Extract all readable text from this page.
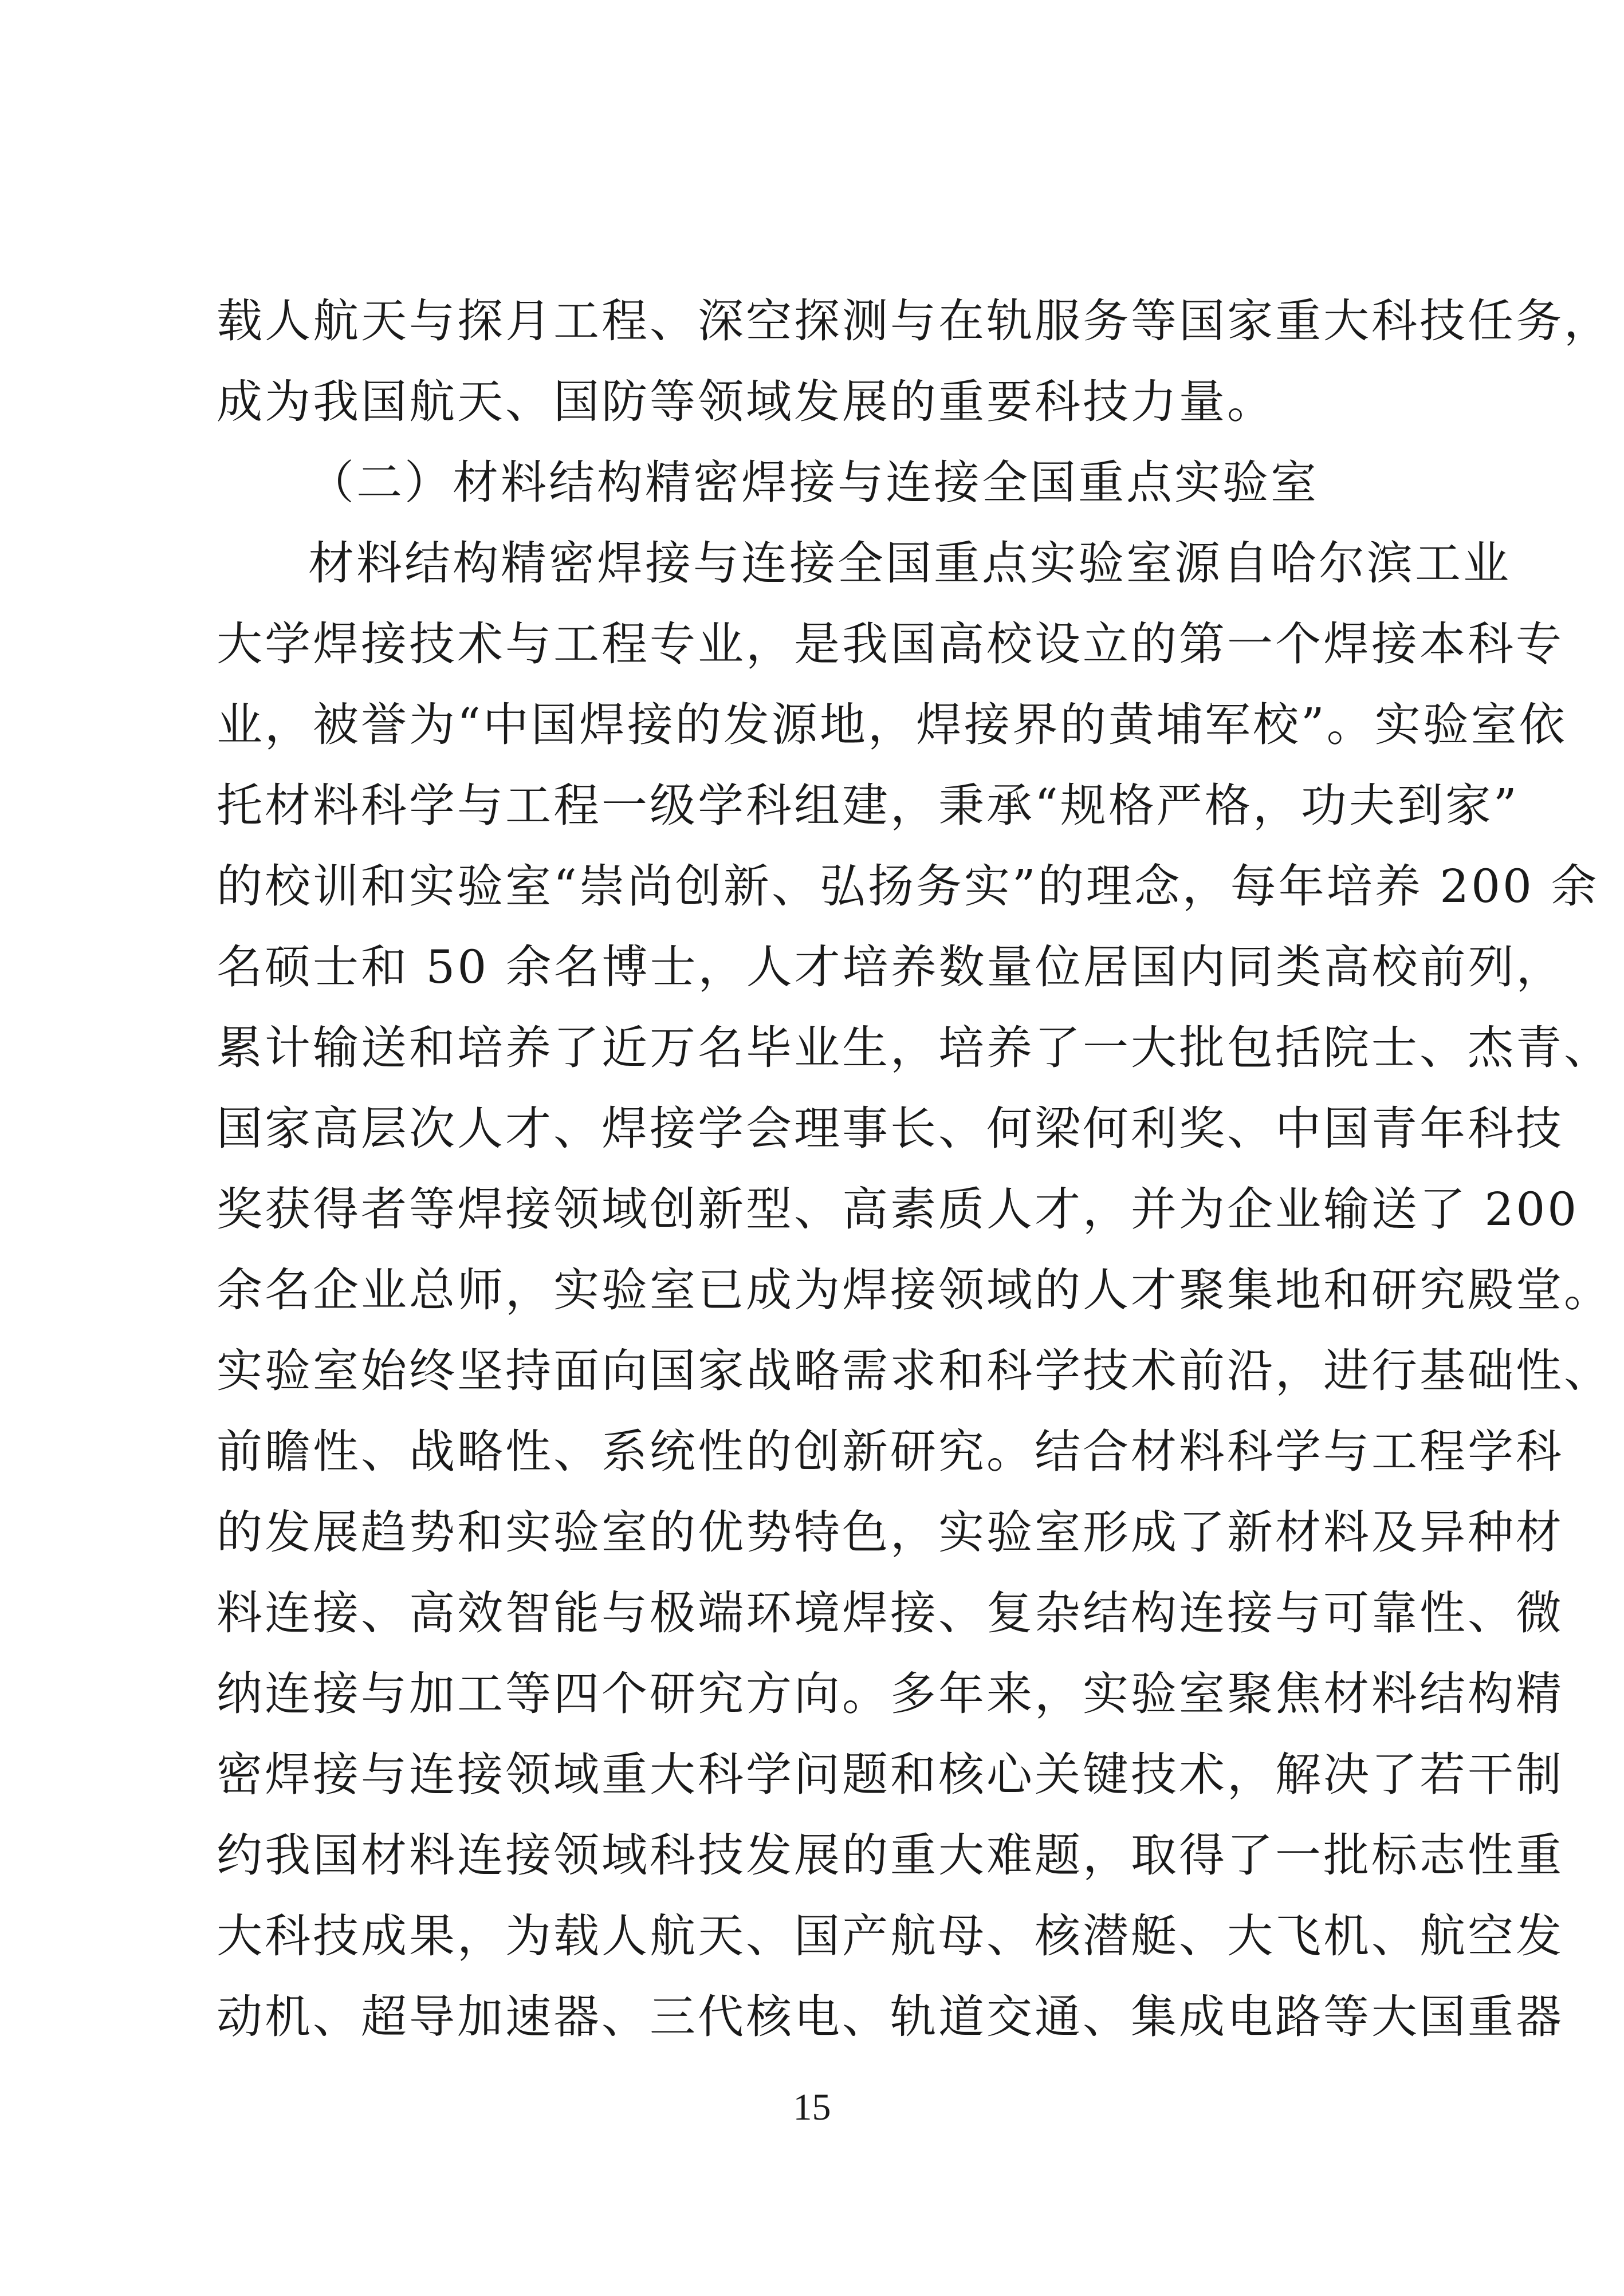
载人航天与探月工程、深空探测与在轨服务等国家重大科技任务，
成为我国航天、国防等领域发展的重要科技力量。
（二）材料结构精密焊接与连接全国重点实验室
材料结构精密焊接与连接全国重点实验室源自哈尔滨工业
大学焊接技术与工程专业，是我国高校设立的第一个焊接本科专
业，被誉为“中国焊接的发源地，焊接界的黄埔军校”。实验室依
托材料科学与工程一级学科组建，秉承“规格严格，功夫到家”
的校训和实验室“崇尚创新、弘扬务实”的理念，每年培养 200 余
名硕士和 50 余名博士，人才培养数量位居国内同类高校前列，
累计输送和培养了近万名毕业生，培养了一大批包括院士、杰青、
国家高层次人才、焊接学会理事长、何梁何利奖、中国青年科技
奖获得者等焊接领域创新型、高素质人才，并为企业输送了 200
余名企业总师，实验室已成为焊接领域的人才聚集地和研究殿堂。
实验室始终坚持面向国家战略需求和科学技术前沿，进行基础性、
前瞻性、战略性、系统性的创新研究。结合材料科学与工程学科
的发展趋势和实验室的优势特色，实验室形成了新材料及异种材
料连接、高效智能与极端环境焊接、复杂结构连接与可靠性、微
纳连接与加工等四个研究方向。多年来，实验室聚焦材料结构精
密焊接与连接领域重大科学问题和核心关键技术，解决了若干制
约我国材料连接领域科技发展的重大难题，取得了一批标志性重
大科技成果，为载人航天、国产航母、核潜艇、大飞机、航空发
动机、超导加速器、三代核电、轨道交通、集成电路等大国重器
15
